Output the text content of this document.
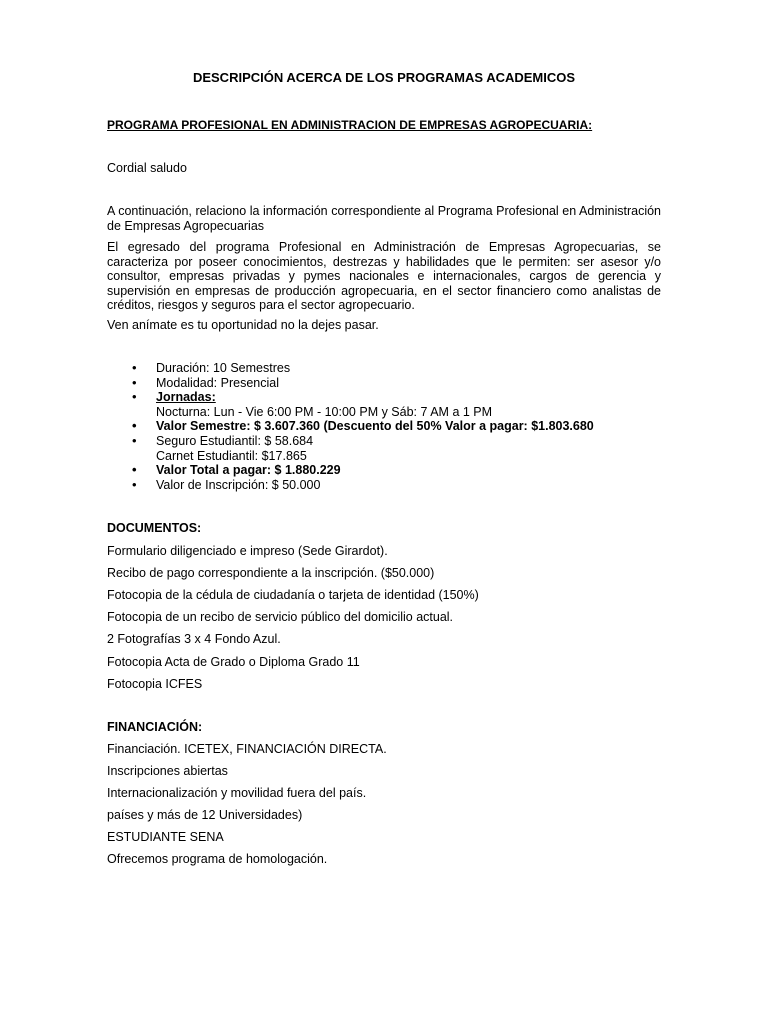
DESCRIPCIÓN ACERCA DE LOS PROGRAMAS ACADEMICOS
PROGRAMA PROFESIONAL EN ADMINISTRACION DE EMPRESAS AGROPECUARIA:
Cordial saludo
A continuación, relaciono la información correspondiente al Programa Profesional en Administración de Empresas Agropecuarias
El egresado del programa Profesional en Administración de Empresas Agropecuarias, se caracteriza por poseer conocimientos, destrezas y habilidades que le permiten: ser asesor y/o consultor, empresas privadas y pymes nacionales e internacionales, cargos de gerencia y supervisión en empresas de producción agropecuaria, en el sector financiero como analistas de créditos, riesgos y seguros para el sector agropecuario.
Ven anímate es tu oportunidad no la dejes pasar.
• Duración: 10 Semestres
• Modalidad: Presencial
• Jornadas:
Nocturna: Lun - Vie 6:00 PM - 10:00 PM y Sáb: 7 AM a 1 PM
• Valor Semestre: $ 3.607.360 (Descuento del 50% Valor a pagar: $1.803.680
• Seguro Estudiantil: $ 58.684
Carnet Estudiantil: $17.865
• Valor Total a pagar: $ 1.880.229
• Valor de Inscripción: $ 50.000
DOCUMENTOS:
Formulario diligenciado e impreso (Sede Girardot).
Recibo de pago correspondiente a la inscripción. ($50.000)
Fotocopia de la cédula de ciudadanía o tarjeta de identidad (150%)
Fotocopia de un recibo de servicio público del domicilio actual.
2 Fotografías 3 x 4 Fondo Azul.
Fotocopia Acta de Grado o Diploma Grado 11
Fotocopia ICFES
FINANCIACIÓN:
Financiación. ICETEX, FINANCIACIÓN DIRECTA.
Inscripciones abiertas
Internacionalización y movilidad fuera del país.
países y más de 12 Universidades)
ESTUDIANTE SENA
Ofrecemos programa de homologación.
